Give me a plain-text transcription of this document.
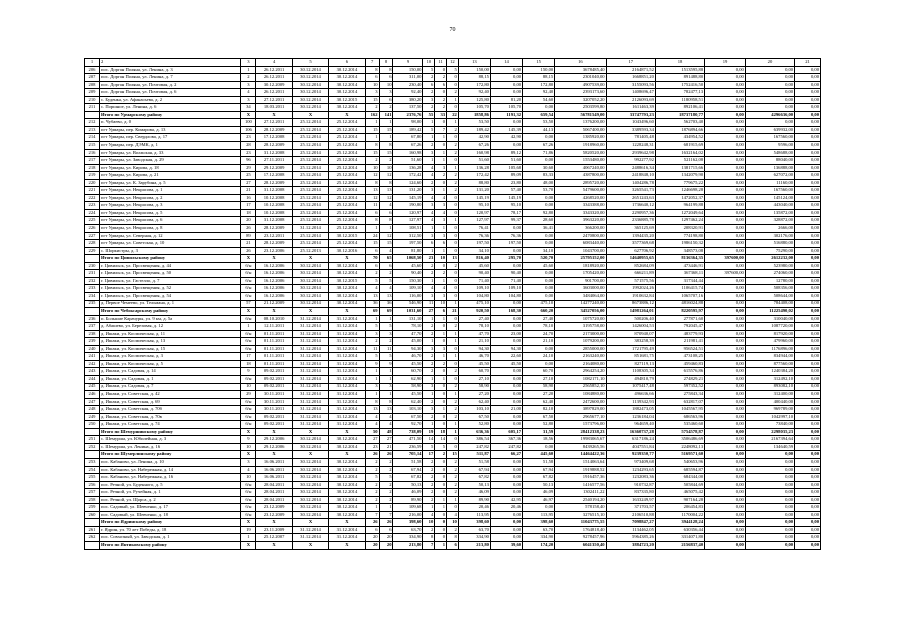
70
1	2	3	4	5	6	7	8	9	10	11	12	13	14	15	16	17	18	19	20	21
206	пос. Дорган Поляна, ул. Ленина, д. 3	1	26.12.2011	30.12.2014	30.12.2014	8	8	150,00	5	0	5	150,00	0,00	150,00	3678485,40	2164871,52	1513595,88	0,00	0,00	0,00
207	пос. Дорган Поляна, ул. Ленина, д. 7	2	26.12.2011	30.12.2014	30.12.2014	6	6	311,00	2	2	0	88,15	0,00	88,15	2301040,00	1668851,20	891488,80	0,00	0,00	0,00
208	пос. Дорган Поляна, ул. Почтовая, д. 2	3	30.12.2009	30.12.2014	30.12.2014	10	10	230,40	6	6	0	172,80	0,00	172,80	4907539,00	3155093,56	1752416,50	0,00	0,00	0,00
209	пос. Дорган Поляна, ул. Почтовая, д. 6	4	26.12.2011	30.12.2014	30.12.2014	3	3	92,40	2	0	2	92,40	0,00	92,40	2393173,60	1408696,47	782477,13	0,00	0,00	0,00
210	с. Буденка, ул. Афанасьева, д. 2	3	27.12.2011	30.12.2014	30.12.2015	15	6	380,20	3	2	1	125,80	81,20	54,60	3207052,20	2126093,69	1180958,51	0,00	0,00	0,00
211	с. Поршное, ул. Ленина, д. 6	34	18.03.2011	30.12.2014	30.12.2014	2	2	137,50	2	2	0	105,70	105,70	0,00	2503599,80	1611463,39	892106,41	0,00	0,00	0,00
	Итого по Урмарскому району	X	X	X	X	162	141	2376,76	55	33	22	1858,86	1191,32	659,54	56781549,00	33747793,23	18737180,77	0,00	4296636,00	0,00
212	п. Чубаево, д. 0	100	27.12.2011	25.12.2014	25.12.2014	1	1	98,00	1	0	1	53,50	0,00	53,50	1376200,00	1043496,60	562703,40	0,00	0,00	0,00
213	пгт Урмары, пер. Комарова, д. 13	106	28.12.2009	25.12.2014	25.12.2014	15	15	189,42	5	7	2	189,42	145,39	44,13	5067400,00	3389593,34	1876894,66	0,00	639932,00	0,00
214	пгт Урмары, пер. Свердлова, д. 17	23	17.12.2008	25.12.2014	25.12.2014	1	1	67,80	1	1	0	42,90	42,90	0,00	1385920,00	781405,48	434954,52	0,00	167560,00	0,00
215	пгт Урмары, пер. ДЭМК, д. 1	28	28.12.2009	25.12.2014	25.12.2014	8	8	67,26	2	0	2	67,26	0,00	67,26	1918960,00	1228248,31	681915,69	0,00	9596,00	0,00
216	пгт Урмары, ул. Волжская, д. 33	23	31.12.2008	25.12.2014	25.12.2014	15	15	160,98	3	1	2	160,98	89,12	71,86	5820520,00	2939642,98	1632164,02	0,00	548688,00	0,00
217	пгт Урмары, ул. Заводская, д. 29	96	27.11.2011	25.12.2014	25.12.2014	2	2	51,60	1	1	0	51,60	51,60	0,00	1553480,00	992277,92	521162,08	0,00	88040,00	0,00
218	пгт Урмары, ул. Кирова, д. 18	29	29.12.2009	25.12.2014	25.12.2014	10	10	136,28	4	3	1	136,28	105,68	30,60	4067240,00	2488616,34	1381715,66	0,00	136888,00	0,00
219	пгт Урмары, ул. Кирова, д. 21	25	17.12.2008	25.12.2014	25.12.2014	12	12	172,42	4	2	2	172,42	89,09	83,33	4387800,00	2418848,10	1342079,90	0,00	627072,00	0,00
220	пгт Урмары, ул. К. Зарубина, д. 5	27	28.12.2009	25.12.2014	25.12.2014	8	8	124,60	2	0	2	88,80	23,80	48,00	2895720,00	1404286,78	779675,22	0,00	11160,00	0,00
221	пгт Урмары, ул. Некрасова, д. 1	21	31.12.2008	25.12.2014	25.12.2014	13	13	131,20	3	1	2	131,20	57,40	53,70	5479600,00	3265541,73	1246698,28	0,00	167560,00	0,00
222	пгт Урмары, ул. Некрасова, д. 2	16	10.12.2008	25.12.2014	25.12.2014	12	12	145,19	4	4	0	145,19	145,19	0,00	4268520,00	2651243,63	1472052,37	0,00	145124,00	0,00
223	пгт Урмары, ул. Некрасова, д. 3	17	10.12.2008	25.12.2014	25.12.2014	11	4	190,80	3	3	0	95,10	95,10	0,00	3343388,00	1736640,12	964199,88	0,00	443040,00	0,00
224	пгт Урмары, ул. Некрасова, д. 5	18	10.12.2008	25.12.2014	25.12.2014	6	6	120,97	4	4	0	120,97	78,17	92,80	3343320,00	2290957,36	1272049,64	0,00	135872,00	0,00
225	пгт Урмары, ул. Некрасова, д. 6	20	31.12.2008	25.12.2014	25.12.2014	8	8	127,97	4	3	1	127,97	99,37	28,60	3963220,00	2336885,78	1297462,24	0,00	328872,00	0,00
226	пгт Урмары, ул. Некрасова, д. 8	26	28.12.2009	31.12.2014	25.12.2014	1	1	108,51	1	1	0	76,41	0,00	36,41	366200,00	365125,69	208320,91	0,00	2666,00	0,00
227	пгт Урмары, ул. Северная, д. 12	89	23.12.2011	25.12.2014	30.12.2015	24	12	312,50	3	3	0	76,36	76,36	0,00	2470800,00	1394435,20	774198,80	0,00	302176,00	0,00
228	пгт Урмары, ул. Советская, д. 10	21	28.12.2009	25.12.2014	25.12.2014	15	15	197,50	6	6	0	197,50	197,50	0,00	6083440,00	3577369,68	1986150,32	0,00	516880,00	0,00
229	с. Шоркистры, д. 3	26	23.12.2006	25.12.2013	30.12.2016	6	4	81,80	1	1	0	34,10	0,00	34,10	1043700,00	627706,92	348573,08	0,00	75290,00	0,00
	Итого по Цивильскому району	X	X	X	X	70	65	1068,50	23	10	13	816,40	295,70	520,70	25795152,00	14640955,65	8136364,35	397600,00	2612232,00	0,00
230	г. Цивильск, ул. Просвещения, д. 44	б/н	16.12.2006	30.12.2014	30.12.2014	6	6	45,60	2	0	2	45,60	0,00	45,60	1818920,00	852684,09	473446,91	0,00	523980,00	0,00
231	г. Цивильск, ул. Просвещения, д. 50	б/н	16.12.2006	30.12.2014	30.12.2014	2	2	90,40	2	2	0	90,40	90,40	0,00	1705420,00	666211,89	367368,11	397600,00	274060,00	0,00
232	г. Цивильск, ул. Гастелло, д. 7	б/н	16.12.2006	30.12.2014	30.12.2015	5	5	150,30	1	1	0	71,40	71,40	0,00	901700,00	571575,56	317344,44	0,00	12780,00	0,00
233	г. Цивильск, ул. Просвещения, д. 52	б/н	16.12.2006	30.12.2014	30.12.2014	4	4	109,10	4	4	0	109,10	109,10	0,00	3603000,00	1992024,26	1106415,74	0,00	508356,00	0,00
234	г. Цивильск, ул. Просвещения, д. 54	б/н	16.12.2006	30.12.2014	30.12.2014	13	13	116,00	3	3	0	104,80	104,80	0,00	3484064,00	1910632,84	1065707,16	0,00	508644,00	0,00
235	д. Первое Чемеево, ул. Тельмана, д. 1	57	21.12.2009	30.12.2014	30.12.2014	36	36	546,90	11	10	1	475,10	0,00	475,10	14277240,00	8673886,12	4816024,88	0,00	784408,00	0,00
	Итого по Чебоксарскому району	X	X	X	X	69	69	1031,60	27	6	21	920,50	168,30	660,20	34527056,00	14981264,01	8220595,97	0,00	11225490,02	0,00
236	п. Большие Карачуры, ул. 9 км, д. 5а	б/н	08.10.2010	31.12.2014	31.12.2014	1	1	131,10	1	1	0	27,40	0,00	27,40	1075720,00	500206,40	277871,60	0,00	310040,00	0,00
237	д. Абашево, ул. Березовая, д. 12	1	12.11.2011	31.12.2014	31.12.2014	5	5	78,10	2	0	2	78,10	0,00	78,10	3195758,00	1426004,53	792045,47	0,00	1087720,00	0,00
238	д. Ишаки, ул. Космическая, д. 11	б/н	01.11.2011	31.12.2014	31.12.2014	3	3	47,70	2	1	1	47,70	23,00	24,70	2173000,00	870940,07	483779,93	0,00	817920,00	0,00
239	д. Ишаки, ул. Космическая, д. 13	б/н	01.11.2011	31.12.2014	31.12.2014	2	2	45,00	1	0	1	21,10	0,00	21,10	1079200,00	383258,39	211981,41	0,00	479960,00	0,00
240	д. Ишаки, ул. Космическая, д. 15	б/н	01.11.2011	31.12.2014	31.12.2014	11	11	94,30	3	3	0	94,30	94,30	0,00	2855000,00	1721795,49	956524,51	0,00	1176896,00	0,00
241	д. Ишаки, ул. Космическая, д. 3	17	01.11.2011	31.12.2014	31.12.2014	5	5	46,70	2	1	1	46,70	22,60	24,10	2163240,00	851681,75	473108,25	0,00	834944,00	0,00
242	д. Ишаки, ул. Космическая, д. 5	18	01.11.2011	31.12.2014	31.12.2014	9	9	45,50	2	2	0	45,50	45,50	0,00	2164080,00	827119,13	459460,83	0,00	877560,00	0,00
243	д. Ишаки, ул. Садовая, д. 14	9	09.02.2011	31.12.2014	31.12.2014	1	1	60,70	2	0	2	60,70	0,00	60,70	2964254,20	1108305,34	615576,86	0,00	1240384,20	0,00
244	д. Ишаки, ул. Садовая, д. 1	б/н	09.02.2011	31.12.2014	31.12.2014	1	1	62,90	1	1	0	27,10	0,00	27,10	1082171,10	494810,79	274829,21	0,00	312492,10	0,00
245	д. Ишаки, ул. Садовая, д. 7	10	09.02.2011	31.12.2014	31.12.2014	3	3	58,90	3	0	2	58,90	0,00	58,90	2565852,10	1075417,48	597352,52	0,00	893082,10	0,00
246	д. Ишаки, ул. Советская, д. 42	29	30.11.2011	31.12.2014	31.12.2014	1	1	45,50	1	0	1	27,20	0,00	27,20	1084880,00	496636,66	275843,34	0,00	312400,00	0,00
247	д. Ишаки, ул. Советская, д. 69	б/н	30.11.2011	31.12.2014	31.12.2014	8	8	62,40	2	0	2	62,40	0,00	62,40	2472600,00	1139342,93	632817,07	0,00	400440,00	0,00
248	д. Ишаки, ул. Советская, д. 70б	б/н	30.11.2011	31.12.2014	31.12.2014	13	13	103,10	3	1	2	103,10	21,00	82,10	3897829,00	1882473,05	1045567,95	0,00	969789,00	0,00
249	д. Ишаки, ул. Советская, д. 70в	б/н	09.02.2011	31.12.2014	31.12.2014	4	4	67,50	2	0	2	67,50	0,00	67,50	2965677,10	1236184,04	686563,96	0,00	1042997,10	0,00
250	д. Ишаки, ул. Советская, д. 74	б/н	09.02.2011	31.12.2014	31.12.2014	4	4	92,70	1	0	1	52,80	0,00	52,80	1573796,00	964659,40	535460,60	0,00	73840,00	0,00
	Итого по Шемуршинскому району	X	X	X	X	50	48	738,09	19	18	1	636,36	605,17	31,59	28412338,23	16360737,28	5754578,87	0,00	2298035,23	0,00
251	с. Шемурша, ул. Юбилейная, д. 3	9	29.12.2006	30.12.2014	30.12.2014	27	27	471,50	14	14	0	386,54	367,36	18,56	19983065,67	6317186,24	3506486,69	0,00	2167394,64	0,00
252	с. Шемурша, ул. Ленина, д. 16	10	29.12.2006	30.12.2014	30.12.2014	23	21	236,59	5	5	0	247,82	247,82	0,00	8439265,56	4047551,84	2248092,13	0,00	134640,59	0,00
	Итого по Шумерлинскому району	X	X	X	X	26	26	705,14	17	2	15	511,87	66,27	445,60	14464422,36	9239350,77	5169571,60	0,00	0,00	0,00
253	пос. Кабаново, ул. Ленина, д. 10	3	16.06.2011	30.12.2014	30.12.2014	2	2	51,58	2	0	2	51,58	0,00	51,58	1514063,64	973409,68	540653,96	0,00	0,00	0,00
254	пос. Кабаново, ул. Набережная, д. 14	4	16.06.2011	30.12.2014	30.12.2014	2	2	67,94	2	0	2	67,94	0,00	67,94	1919888,52	1234293,65	685594,87	0,00	0,00	0,00
255	пос. Кабаново, ул. Набережная, д. 16	10	16.06.2011	30.12.2014	30.12.2014	5	5	67,82	2	0	2	67,82	0,00	67,82	1916457,36	1232083,36	684344,00	0,00	0,00	0,00
256	пос. Речной, ул. Буденного, д. 5	б/н	28.04.2011	30.12.2014	30.12.2014	2	2	50,13	2	0	2	50,13	0,00	50,13	1416577,56	910732,87	505844,69	0,00	0,00	0,00
257	пос. Речной, ул. Ручейная, д. 1	б/н	28.04.2011	30.12.2014	30.12.2014	2	2	46,09	2	0	2	46,09	0,00	46,09	1302411,22	837335,80	465075,42	0,00	0,00	0,00
258	пос. Речной, ул. Щорса, д. 2	б/н	28.04.2011	30.12.2014	30.12.2014	2	2	89,90	2	1	1	89,90	42,95	46,97	2540194,20	1633249,97	907164,28	0,00	0,00	0,00
259	пос. Садовый, ул. Шевченко, д. 17	б/н	23.12.2009	30.12.2014	30.12.2014	1	1	109,68	1	1	0	20,46	20,46	0,00	578158,40	371703,57	206454,83	0,00	0,00	0,00
260	пос. Садовый, ул. Шевченко, д. 18	б/н	23.12.2009	30.12.2014	30.12.2014	7	7	216,00	4	0	4	113,95	0,00	113,95	3276515,10	2106510,88	1170004,22	0,00	0,00	0,00
	Итого по Ядринскому району	X	X	X	X	26	26	398,60	10	0	10	398,60	0,00	398,60	11043775,55	7098847,27	3944128,24	0,00	0,00	0,00
261	г. Ядрин, ул. 70 лет Победы, д. 18	19	23.11.2009	31.12.2014	31.12.2014	6	6	63,70	2	0	2	63,70	0,00	63,70	1764818,40	1134462,05	630356,44	0,00	0,00	0,00
262	пос. Совхозный, ул. Заводская, д. 1	1	25.12.2007	31.12.2014	31.12.2014	20	20	334,90	8	0	8	334,90	0,00	334,90	9278457,96	5964385,26	3314071,80	0,00	0,00	0,00
	Итого по Янтиковскому району	X	X	X	X	20	20	213,80	7	1	6	213,80	39,60	174,20	6041350,40	3884723,20	2156837,40	0,00	0,00	0,00
